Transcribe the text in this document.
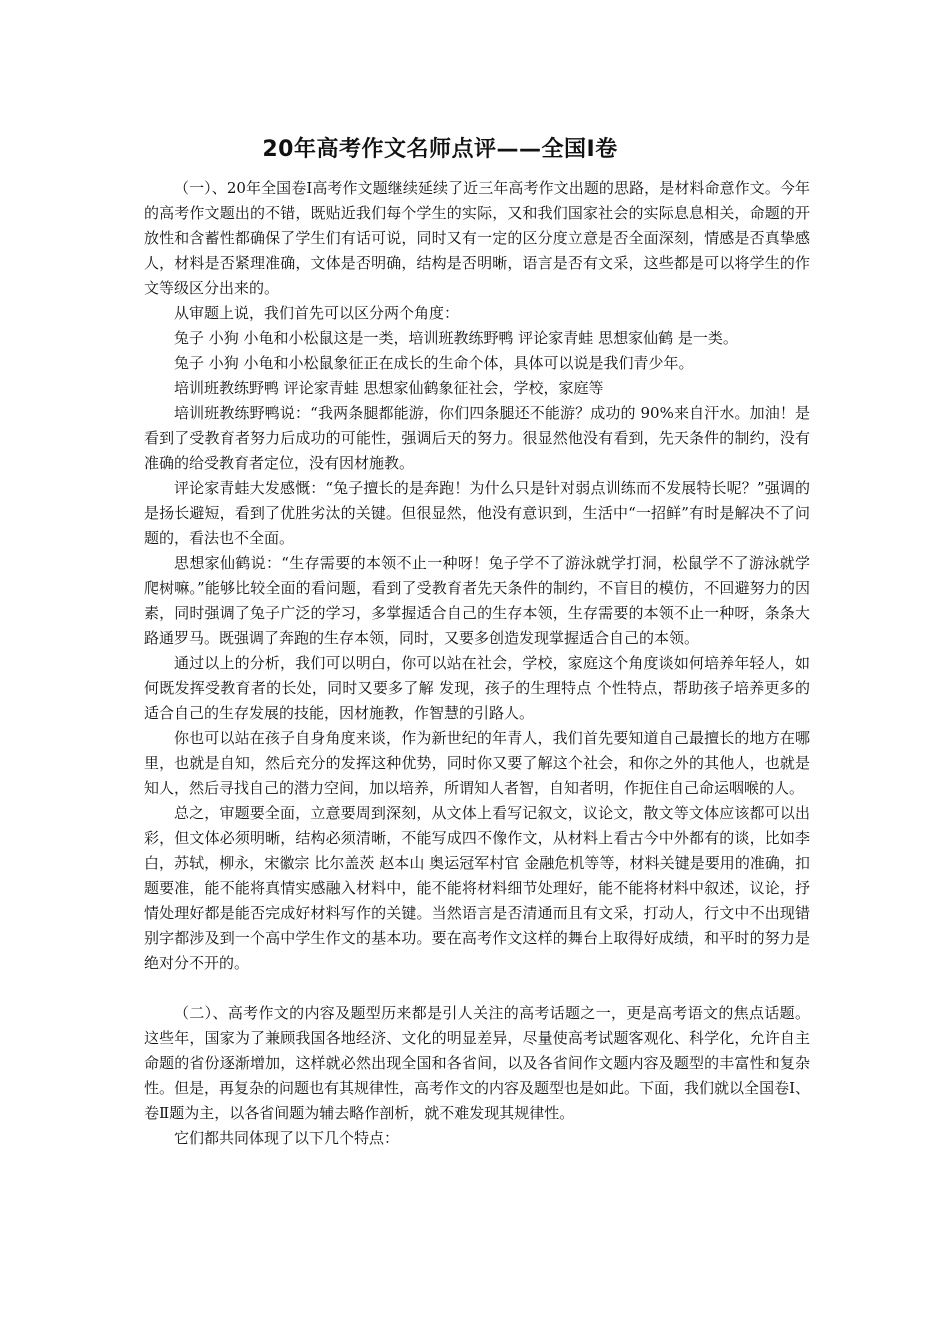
20年高考作文名师点评——全国Ⅰ卷

（一）、20年全国卷Ⅰ高考作文题继续延续了近三年高考作文出题的思路，是材料命意作文。今年的高考作文题出的不错，既贴近我们每个学生的实际，又和我们国家社会的实际息息相关，命题的开放性和含蓄性都确保了学生们有话可说，同时又有一定的区分度立意是否全面深刻，情感是否真挚感人，材料是否紧理准确，文体是否明确，结构是否明晰，语言是否有文采，这些都是可以将学生的作文等级区分出来的。

从审题上说，我们首先可以区分两个角度：

兔子 小狗 小龟和小松鼠这是一类，培训班教练野鸭 评论家青蛙 思想家仙鹤 是一类。

兔子 小狗 小龟和小松鼠象征正在成长的生命个体，具体可以说是我们青少年。

培训班教练野鸭 评论家青蛙 思想家仙鹤象征社会，学校，家庭等

培训班教练野鸭说：“我两条腿都能游，你们四条腿还不能游？成功的 90%来自汗水。加油！是看到了受教育者努力后成功的可能性，强调后天的努力。很显然他没有看到，先天条件的制约，没有准确的给受教育者定位，没有因材施教。

评论家青蛙大发感慨：“兔子擅长的是奔跑！为什么只是针对弱点训练而不发展特长呢？”强调的是扬长避短，看到了优胜劣汰的关键。但很显然，他没有意识到，生活中“一招鲜”有时是解决不了问题的，看法也不全面。

思想家仙鹤说：“生存需要的本领不止一种呀！兔子学不了游泳就学打洞，松鼠学不了游泳就学爬树嘛。”能够比较全面的看问题，看到了受教育者先天条件的制约，不盲目的模仿，不回避努力的因素，同时强调了兔子广泛的学习，多掌握适合自己的生存本领，生存需要的本领不止一种呀，条条大路通罗马。既强调了奔跑的生存本领，同时，又要多创造发现掌握适合自己的本领。

通过以上的分析，我们可以明白，你可以站在社会，学校，家庭这个角度谈如何培养年轻人，如何既发挥受教育者的长处，同时又要多了解 发现，孩子的生理特点 个性特点，帮助孩子培养更多的适合自己的生存发展的技能，因材施教，作智慧的引路人。

你也可以站在孩子自身角度来谈，作为新世纪的年青人，我们首先要知道自己最擅长的地方在哪里，也就是自知，然后充分的发挥这种优势，同时你又要了解这个社会，和你之外的其他人，也就是知人，然后寻找自己的潜力空间，加以培养，所谓知人者智，自知者明，作扼住自己命运咽喉的人。

总之，审题要全面，立意要周到深刻，从文体上看写记叙文，议论文，散文等文体应该都可以出彩，但文体必须明晰，结构必须清晰，不能写成四不像作文，从材料上看古今中外都有的谈，比如李白，苏轼，柳永，宋徽宗 比尔盖茨 赵本山 奥运冠军村官 金融危机等等，材料关键是要用的准确，扣题要准，能不能将真情实感融入材料中，能不能将材料细节处理好，能不能将材料中叙述，议论，抒情处理好都是能否完成好材料写作的关键。当然语言是否清通而且有文采，打动人，行文中不出现错别字都涉及到一个高中学生作文的基本功。要在高考作文这样的舞台上取得好成绩，和平时的努力是绝对分不开的。

（二）、高考作文的内容及题型历来都是引人关注的高考话题之一，更是高考语文的焦点话题。这些年，国家为了兼顾我国各地经济、文化的明显差异，尽量使高考试题客观化、科学化，允许自主命题的省份逐渐增加，这样就必然出现全国和各省间，以及各省间作文题内容及题型的丰富性和复杂性。但是，再复杂的问题也有其规律性，高考作文的内容及题型也是如此。下面，我们就以全国卷Ⅰ、卷Ⅱ题为主，以各省间题为辅去略作剖析，就不难发现其规律性。

它们都共同体现了以下几个特点：
